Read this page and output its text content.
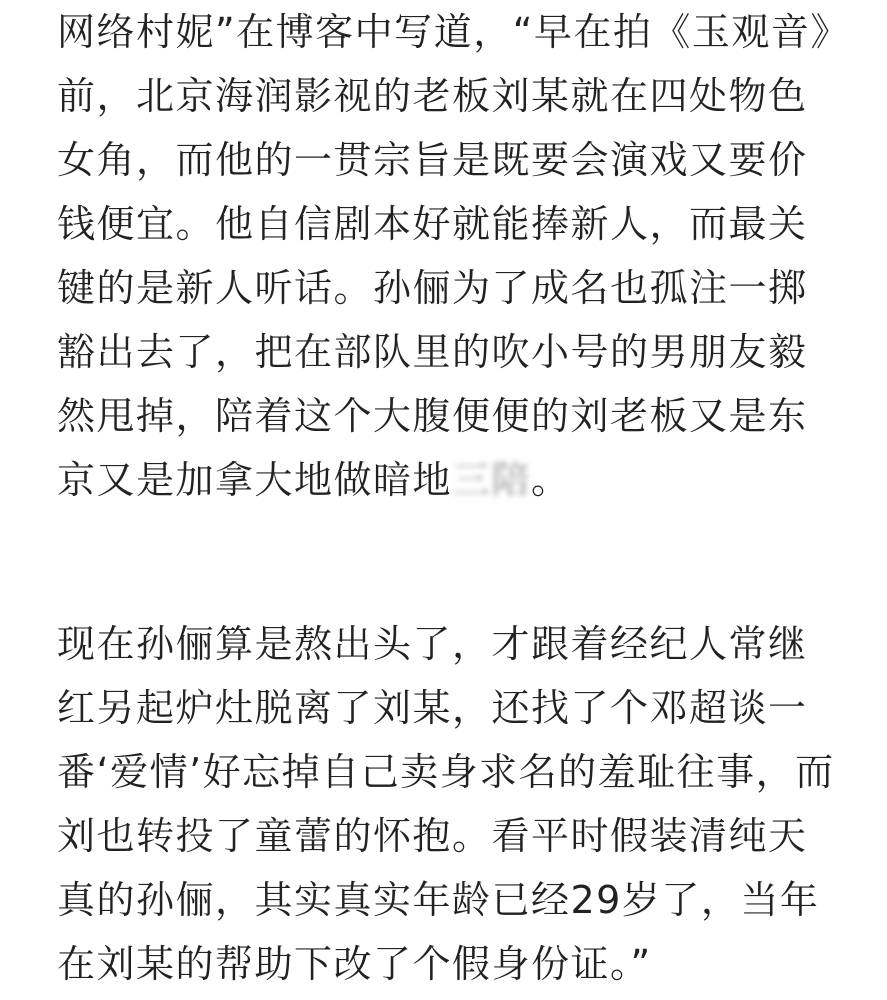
网络村妮”在博客中写道，“早在拍《玉观音》
前，北京海润影视的老板刘某就在四处物色
女角，而他的一贯宗旨是既要会演戏又要价
钱便宜。他自信剧本好就能捧新人，而最关
键的是新人听话。孙俪为了成名也孤注一掷
豁出去了，把在部队里的吹小号的男朋友毅
然甩掉，陪着这个大腹便便的刘老板又是东
京又是加拿大地做暗地三陪。
现在孙俪算是熬出头了，才跟着经纪人常继
红另起炉灶脱离了刘某，还找了个邓超谈一
番‘爱情’好忘掉自己卖身求名的羞耻往事，而
刘也转投了童蕾的怀抱。看平时假装清纯天
真的孙俪，其实真实年龄已经29岁了，当年
在刘某的帮助下改了个假身份证。”
